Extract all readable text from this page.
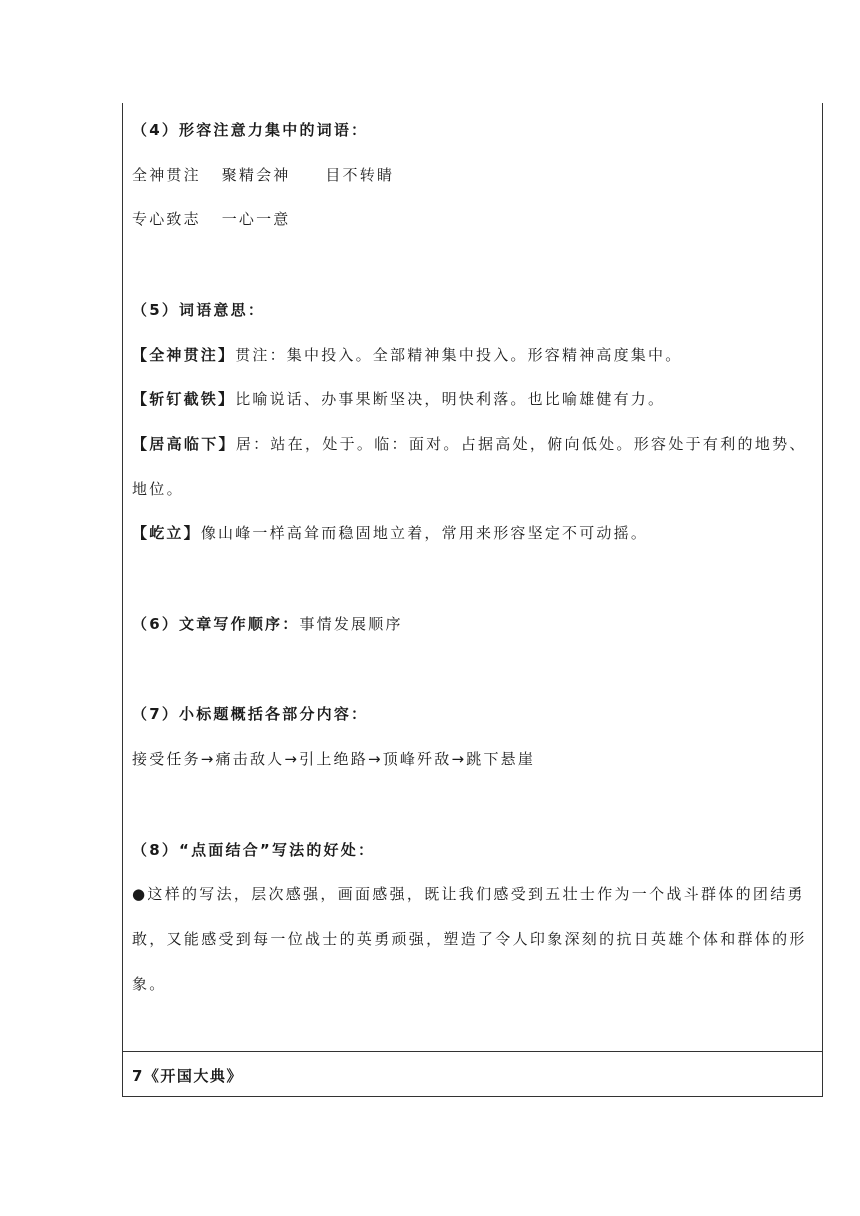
（4）形容注意力集中的词语：
全神贯注   聚精会神     目不转睛
专心致志   一心一意
（5）词语意思：
【全神贯注】贯注：集中投入。全部精神集中投入。形容精神高度集中。
【斩钉截铁】比喻说话、办事果断坚决，明快利落。也比喻雄健有力。
【居高临下】居：站在，处于。临：面对。占据高处，俯向低处。形容处于有利的地势、地位。
【屹立】像山峰一样高耸而稳固地立着，常用来形容坚定不可动摇。
（6）文章写作顺序：事情发展顺序
（7）小标题概括各部分内容：
接受任务→痛击敌人→引上绝路→顶峰歼敌→跳下悬崖
（8）“点面结合”写法的好处：
●这样的写法，层次感强，画面感强，既让我们感受到五壮士作为一个战斗群体的团结勇敢，又能感受到每一位战士的英勇顽强，塑造了令人印象深刻的抗日英雄个体和群体的形象。
7《开国大典》
